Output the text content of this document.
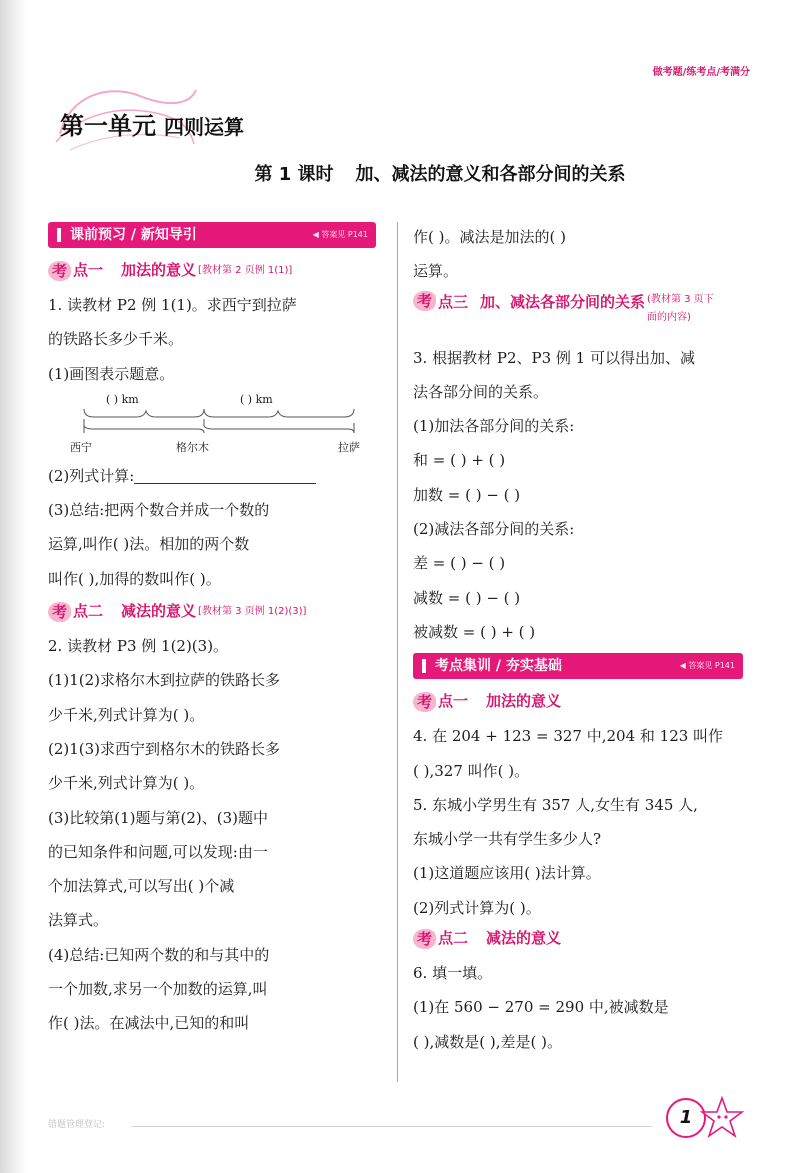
做考题/练考点/考满分
第一单元 四则运算
第 1 课时 加、减法的意义和各部分间的关系
课前预习 / 新知导引	◀ 答案见 P141
考 点一 加法的意义 [教材第 2 页例 1(1)]
1. 读教材 P2 例 1(1)。求西宁到拉萨
的铁路长多少千米。
(1)画图表示题意。
( ) km	( ) km
西宁	格尔木	拉萨
(2)列式计算:
(3)总结:把两个数合并成一个数的
运算,叫作( )法。相加的两个数
叫作( ),加得的数叫作( )。
考 点二 减法的意义 [教材第 3 页例 1(2)(3)]
2. 读教材 P3 例 1(2)(3)。
(1)1(2)求格尔木到拉萨的铁路长多
少千米,列式计算为( )。
(2)1(3)求西宁到格尔木的铁路长多
少千米,列式计算为( )。
(3)比较第(1)题与第(2)、(3)题中
的已知条件和问题,可以发现:由一
个加法算式,可以写出( )个减
法算式。
(4)总结:已知两个数的和与其中的
一个加数,求另一个加数的运算,叫
作( )法。在减法中,已知的和叫
作( )。减法是加法的( )
运算。
考 点三 加、减法各部分间的关系 (教材第 3 页下面的内容)
3. 根据教材 P2、P3 例 1 可以得出加、减
法各部分间的关系。
(1)加法各部分间的关系:
和 = ( ) + ( )
加数 = ( ) − ( )
(2)减法各部分间的关系:
差 = ( ) − ( )
减数 = ( ) − ( )
被减数 = ( ) + ( )
考点集训 / 夯实基础	◀ 答案见 P141
考 点一 加法的意义
4. 在 204 + 123 = 327 中,204 和 123 叫作
( ),327 叫作( )。
5. 东城小学男生有 357 人,女生有 345 人,
东城小学一共有学生多少人?
(1)这道题应该用( )法计算。
(2)列式计算为( )。
考 点二 减法的意义
6. 填一填。
(1)在 560 − 270 = 290 中,被减数是
( ),减数是( ),差是( )。
错题管理登记:	1
